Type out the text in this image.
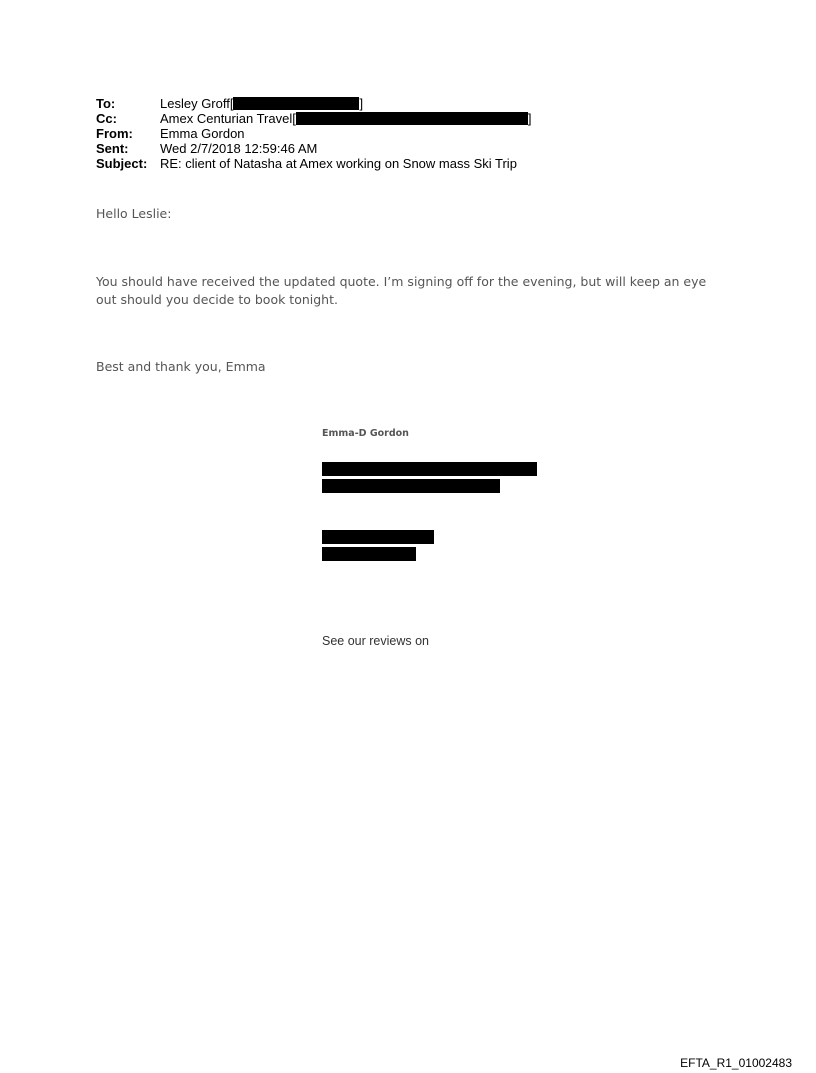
To:	Lesley Groff[	]
Cc:	Amex Centurian Travel[	]
From:	Emma Gordon
Sent:	Wed 2/7/2018 12:59:46 AM
Subject: RE: client of Natasha at Amex working on Snow mass Ski Trip
Hello Leslie:
You should have received the updated quote. I’m signing off for the evening, but will keep an eye out should you decide to book tonight.
Best and thank you, Emma
Emma-D Gordon
See our reviews on
EFTA_R1_01002483
